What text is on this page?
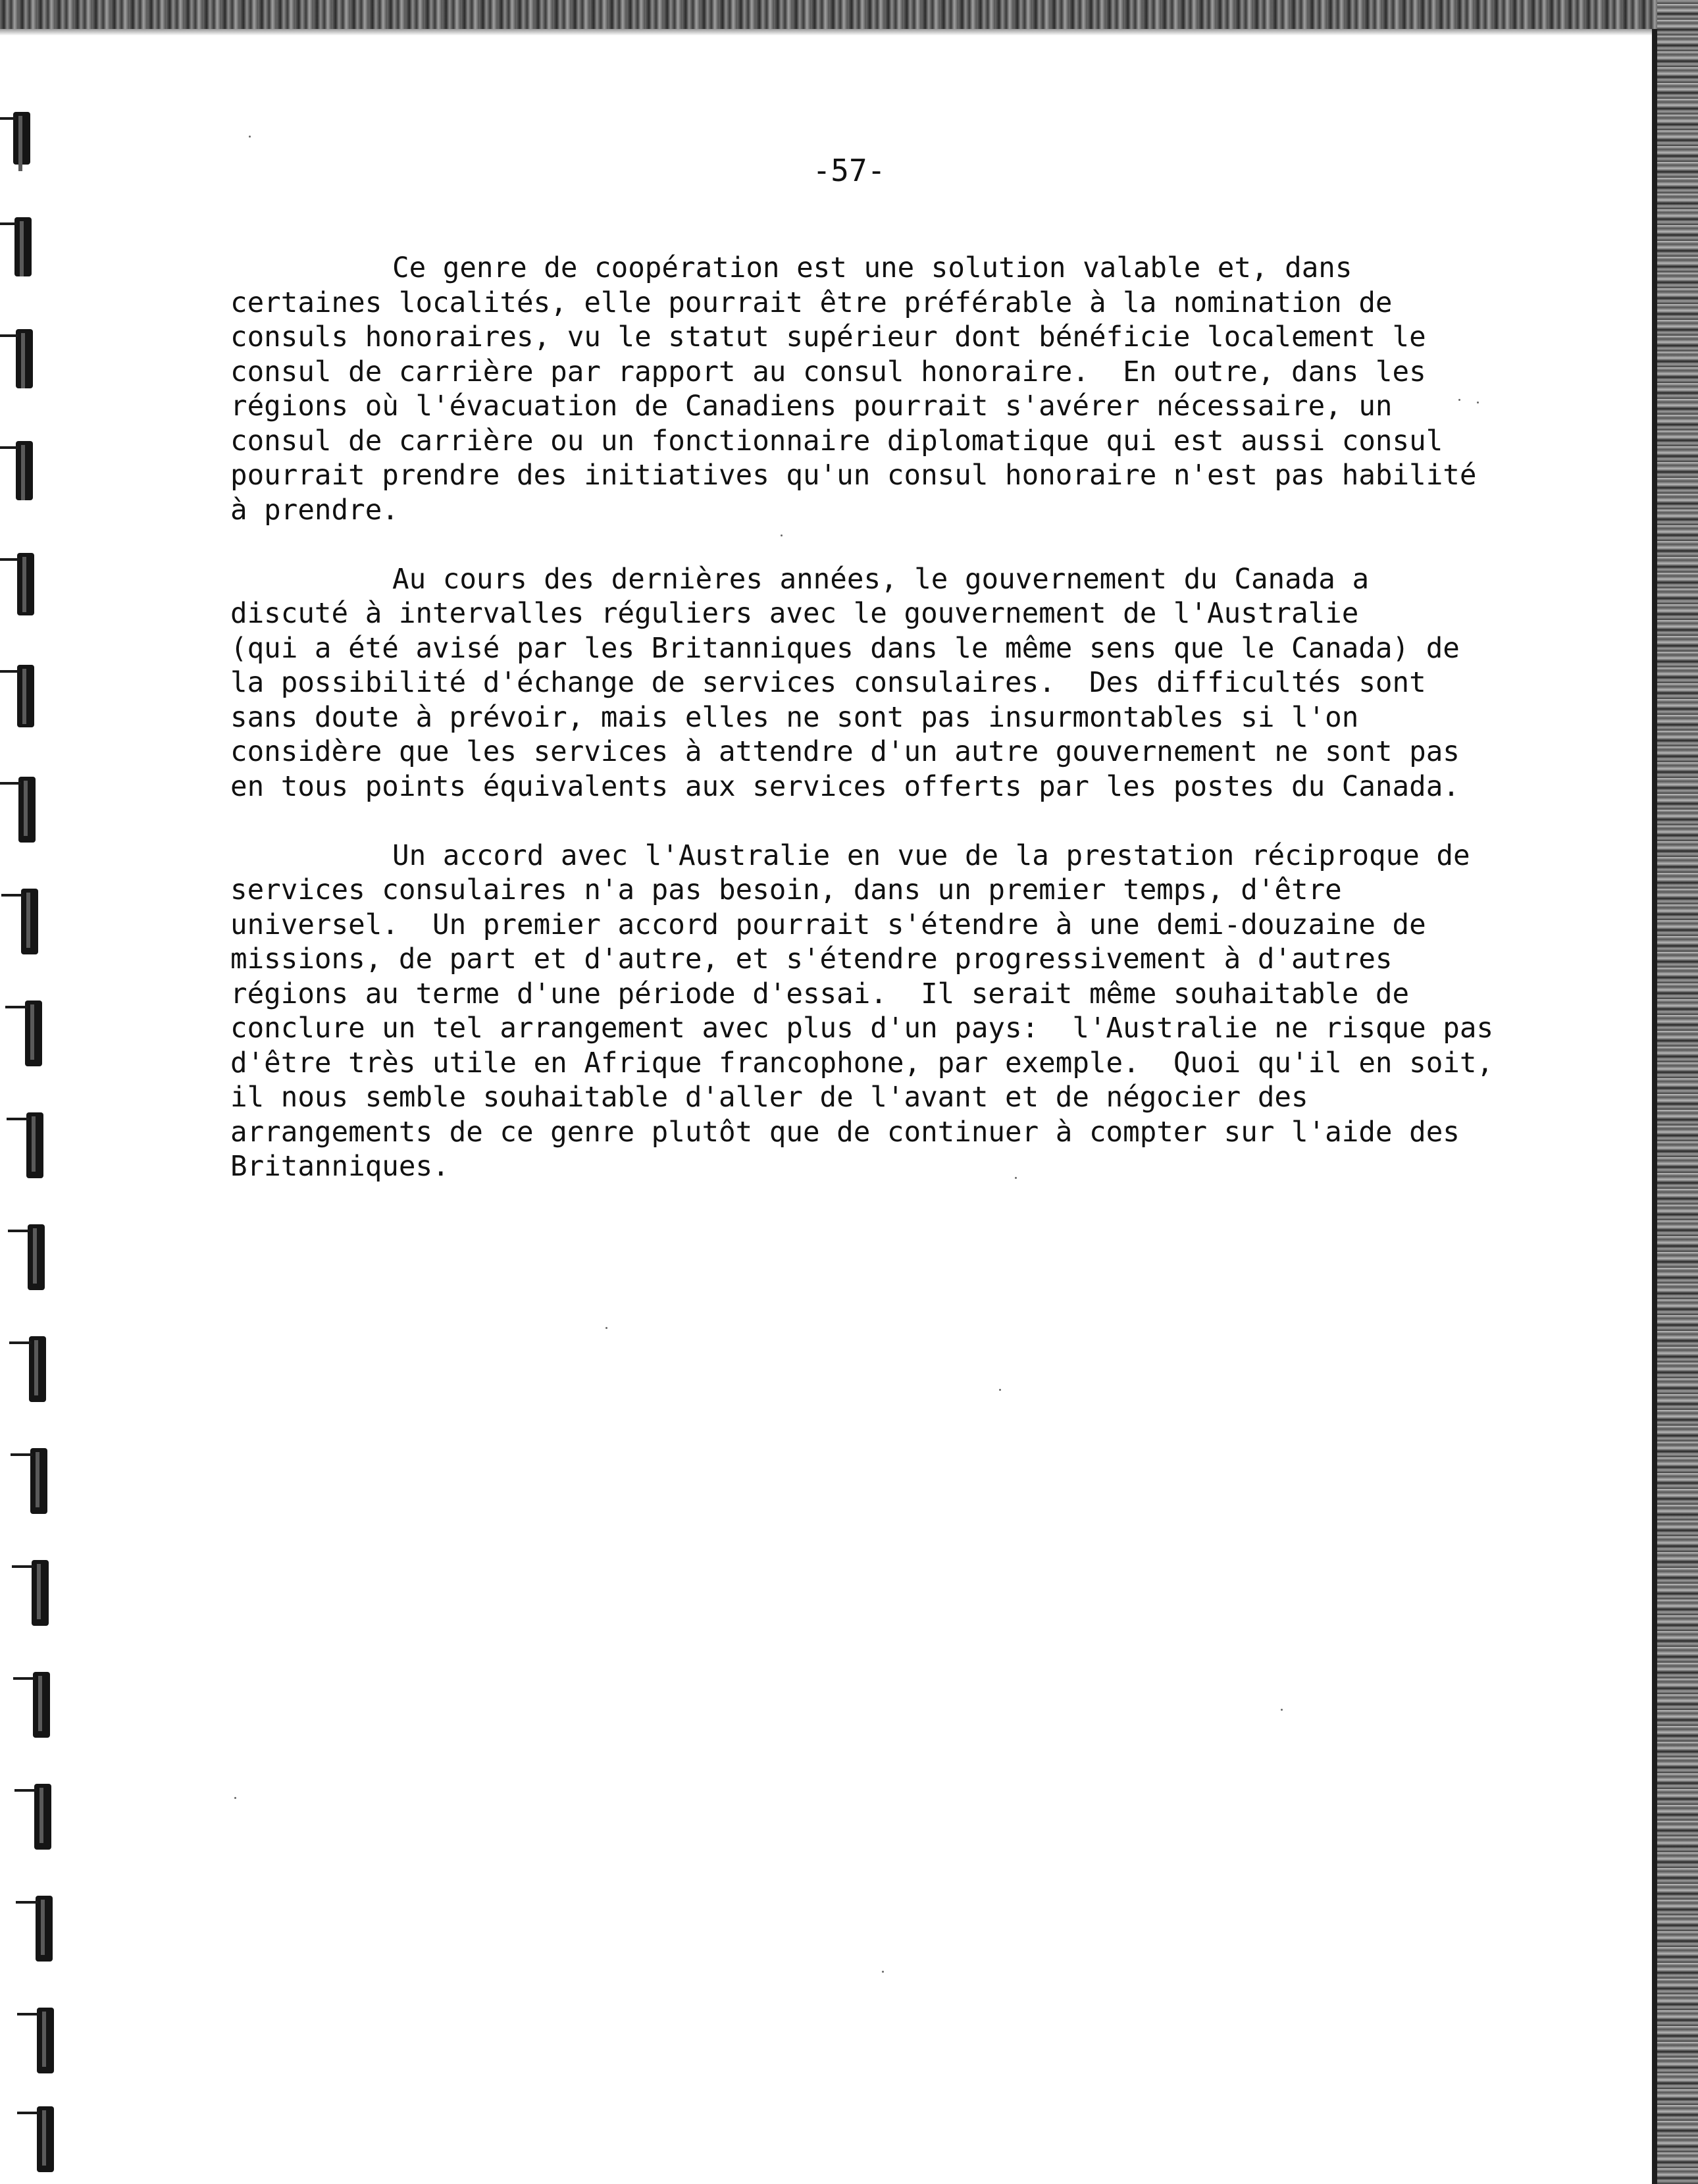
-57-
Ce genre de coopération est une solution valable et, dans
certaines localités, elle pourrait être préférable à la nomination de
consuls honoraires, vu le statut supérieur dont bénéficie localement le
consul de carrière par rapport au consul honoraire.  En outre, dans les
régions où l'évacuation de Canadiens pourrait s'avérer nécessaire, un
consul de carrière ou un fonctionnaire diplomatique qui est aussi consul
pourrait prendre des initiatives qu'un consul honoraire n'est pas habilité
à prendre.
Au cours des dernières années, le gouvernement du Canada a
discuté à intervalles réguliers avec le gouvernement de l'Australie
(qui a été avisé par les Britanniques dans le même sens que le Canada) de
la possibilité d'échange de services consulaires.  Des difficultés sont
sans doute à prévoir, mais elles ne sont pas insurmontables si l'on
considère que les services à attendre d'un autre gouvernement ne sont pas
en tous points équivalents aux services offerts par les postes du Canada.
Un accord avec l'Australie en vue de la prestation réciproque de
services consulaires n'a pas besoin, dans un premier temps, d'être
universel.  Un premier accord pourrait s'étendre à une demi-douzaine de
missions, de part et d'autre, et s'étendre progressivement à d'autres
régions au terme d'une période d'essai.  Il serait même souhaitable de
conclure un tel arrangement avec plus d'un pays:  l'Australie ne risque pas
d'être très utile en Afrique francophone, par exemple.  Quoi qu'il en soit,
il nous semble souhaitable d'aller de l'avant et de négocier des
arrangements de ce genre plutôt que de continuer à compter sur l'aide des
Britanniques.
